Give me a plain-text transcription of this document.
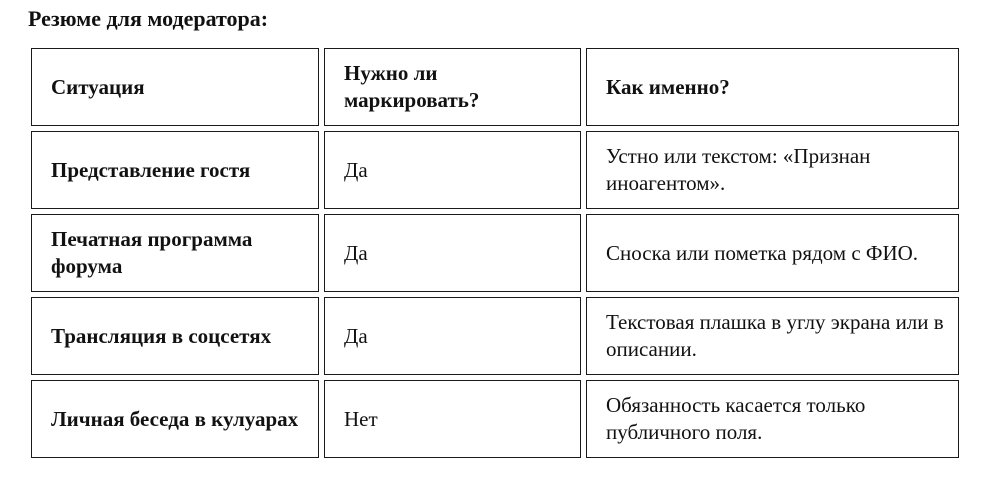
Резюме для модератора:
Ситуация	Нужно ли маркировать?	Как именно?
Представление гостя	Да	Устно или текстом: «Признан иноагентом».
Печатная программа форума	Да	Сноска или пометка рядом с ФИО.
Трансляция в соцсетях	Да	Текстовая плашка в углу экрана или в описании.
Личная беседа в кулуарах	Нет	Обязанность касается только публичного поля.
